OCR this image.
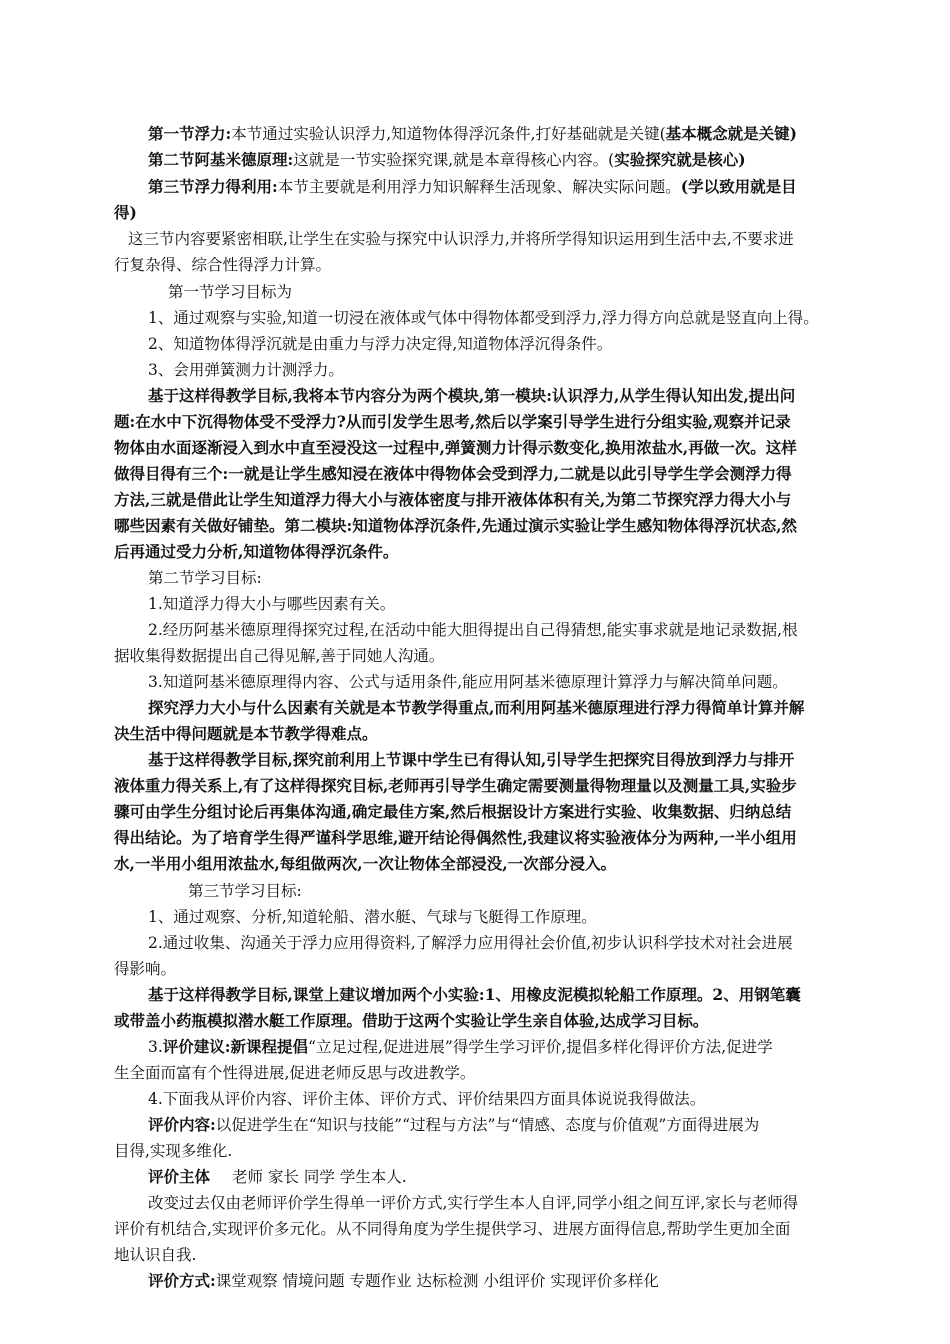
第一节浮力:本节通过实验认识浮力,知道物体得浮沉条件,打好基础就是关键(基本概念就是关键)
第二节阿基米德原理:这就是一节实验探究课,就是本章得核心内容。(实验探究就是核心)
第三节浮力得利用:本节主要就是利用浮力知识解释生活现象、解决实际问题。(学以致用就是目
得)
这三节内容要紧密相联,让学生在实验与探究中认识浮力,并将所学得知识运用到生活中去,不要求进
行复杂得、综合性得浮力计算。
第一节学习目标为
1、通过观察与实验,知道一切浸在液体或气体中得物体都受到浮力,浮力得方向总就是竖直向上得。
2、知道物体得浮沉就是由重力与浮力决定得,知道物体浮沉得条件。
3、会用弹簧测力计测浮力。
基于这样得教学目标,我将本节内容分为两个模块,第一模块:认识浮力,从学生得认知出发,提出问
题:在水中下沉得物体受不受浮力?从而引发学生思考,然后以学案引导学生进行分组实验,观察并记录
物体由水面逐渐浸入到水中直至浸没这一过程中,弹簧测力计得示数变化,换用浓盐水,再做一次。这样
做得目得有三个:一就是让学生感知浸在液体中得物体会受到浮力,二就是以此引导学生学会测浮力得
方法,三就是借此让学生知道浮力得大小与液体密度与排开液体体积有关,为第二节探究浮力得大小与
哪些因素有关做好铺垫。第二模块:知道物体浮沉条件,先通过演示实验让学生感知物体得浮沉状态,然
后再通过受力分析,知道物体得浮沉条件。
第二节学习目标:
1.知道浮力得大小与哪些因素有关。
2.经历阿基米德原理得探究过程,在活动中能大胆得提出自己得猜想,能实事求就是地记录数据,根
据收集得数据提出自己得见解,善于同她人沟通。
3.知道阿基米德原理得内容、公式与适用条件,能应用阿基米德原理计算浮力与解决简单问题。
探究浮力大小与什么因素有关就是本节教学得重点,而利用阿基米德原理进行浮力得简单计算并解
决生活中得问题就是本节教学得难点。
基于这样得教学目标,探究前利用上节课中学生已有得认知,引导学生把探究目得放到浮力与排开
液体重力得关系上,有了这样得探究目标,老师再引导学生确定需要测量得物理量以及测量工具,实验步
骤可由学生分组讨论后再集体沟通,确定最佳方案,然后根据设计方案进行实验、收集数据、归纳总结
得出结论。为了培育学生得严谨科学思维,避开结论得偶然性,我建议将实验液体分为两种,一半小组用
水,一半用小组用浓盐水,每组做两次,一次让物体全部浸没,一次部分浸入。
第三节学习目标:
1、通过观察、分析,知道轮船、潜水艇、气球与飞艇得工作原理。
2.通过收集、沟通关于浮力应用得资料,了解浮力应用得社会价值,初步认识科学技术对社会进展
得影响。
基于这样得教学目标,课堂上建议增加两个小实验:1、用橡皮泥模拟轮船工作原理。2、用钢笔囊
或带盖小药瓶模拟潜水艇工作原理。借助于这两个实验让学生亲自体验,达成学习目标。
3.评价建议:新课程提倡“立足过程,促进进展”得学生学习评价,提倡多样化得评价方法,促进学
生全面而富有个性得进展,促进老师反思与改进教学。
4.下面我从评价内容、评价主体、评价方式、评价结果四方面具体说说我得做法。
评价内容:以促进学生在“知识与技能”“过程与方法”与“情感、态度与价值观”方面得进展为
目得,实现多维化.
评价主体 老师 家长 同学 学生本人.
改变过去仅由老师评价学生得单一评价方式,实行学生本人自评,同学小组之间互评,家长与老师得
评价有机结合,实现评价多元化。从不同得角度为学生提供学习、进展方面得信息,帮助学生更加全面
地认识自我.
评价方式:课堂观察 情境问题 专题作业 达标检测 小组评价 实现评价多样化
